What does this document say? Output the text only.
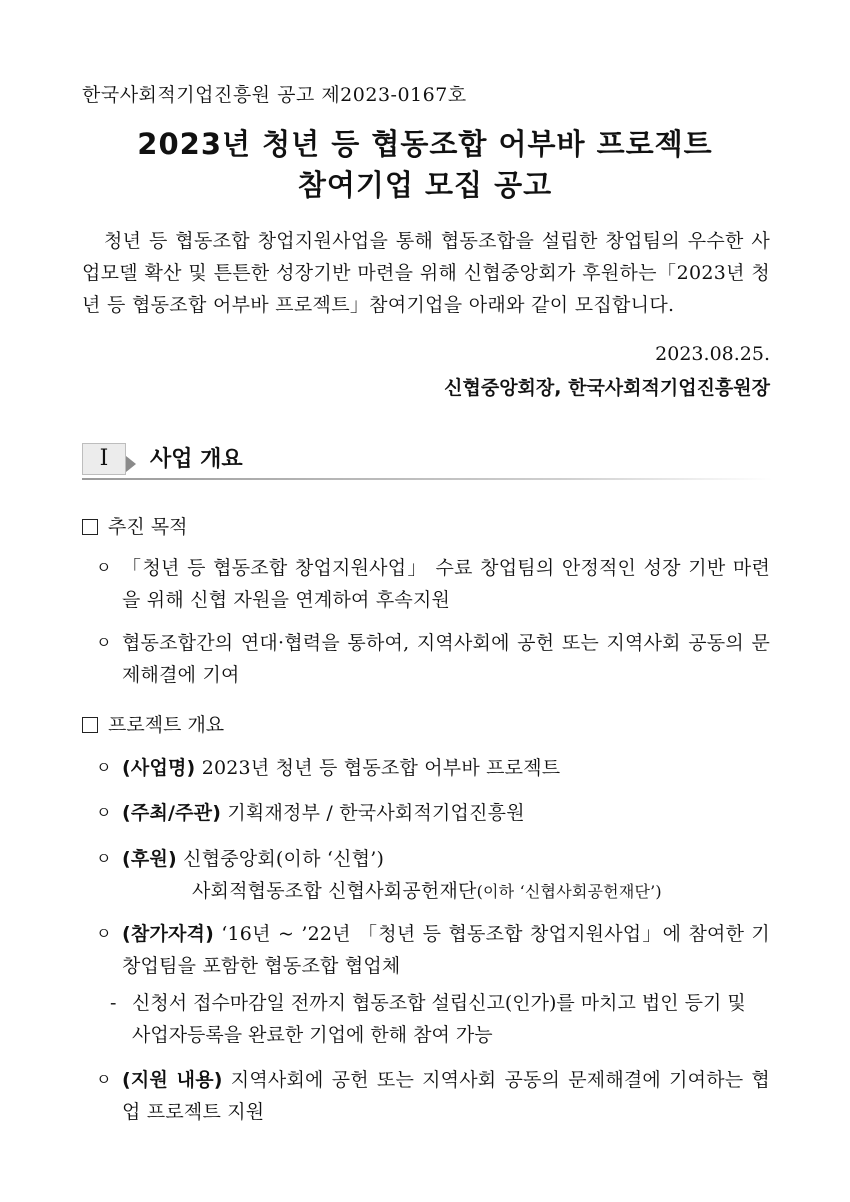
한국사회적기업진흥원 공고 제2023-0167호
2023년 청년 등 협동조합 어부바 프로젝트
참여기업 모집 공고
청년 등 협동조합 창업지원사업을 통해 협동조합을 설립한 창업팀의 우수한 사업모델 확산 및 튼튼한 성장기반 마련을 위해 신협중앙회가 후원하는「2023년 청년 등 협동조합 어부바 프로젝트」참여기업을 아래와 같이 모집합니다.
2023.08.25.
신협중앙회장, 한국사회적기업진흥원장
Ⅰ	사업 개요
추진 목적
ㅇ 「청년 등 협동조합 창업지원사업」 수료 창업팀의 안정적인 성장 기반 마련을 위해 신협 자원을 연계하여 후속지원
ㅇ 협동조합간의 연대·협력을 통하여, 지역사회에 공헌 또는 지역사회 공동의 문제해결에 기여
프로젝트 개요
ㅇ (사업명) 2023년 청년 등 협동조합 어부바 프로젝트
ㅇ (주최/주관) 기획재정부 / 한국사회적기업진흥원
ㅇ (후원) 신협중앙회(이하 ‘신협’)
사회적협동조합 신협사회공헌재단(이하 ‘신협사회공헌재단’)
ㅇ (참가자격) ‘16년 ~ ’22년 「청년 등 협동조합 창업지원사업」에 참여한 기창업팀을 포함한 협동조합 협업체
- 신청서 접수마감일 전까지 협동조합 설립신고(인가)를 마치고 법인 등기 및 사업자등록을 완료한 기업에 한해 참여 가능
ㅇ (지원 내용) 지역사회에 공헌 또는 지역사회 공동의 문제해결에 기여하는 협업 프로젝트 지원
